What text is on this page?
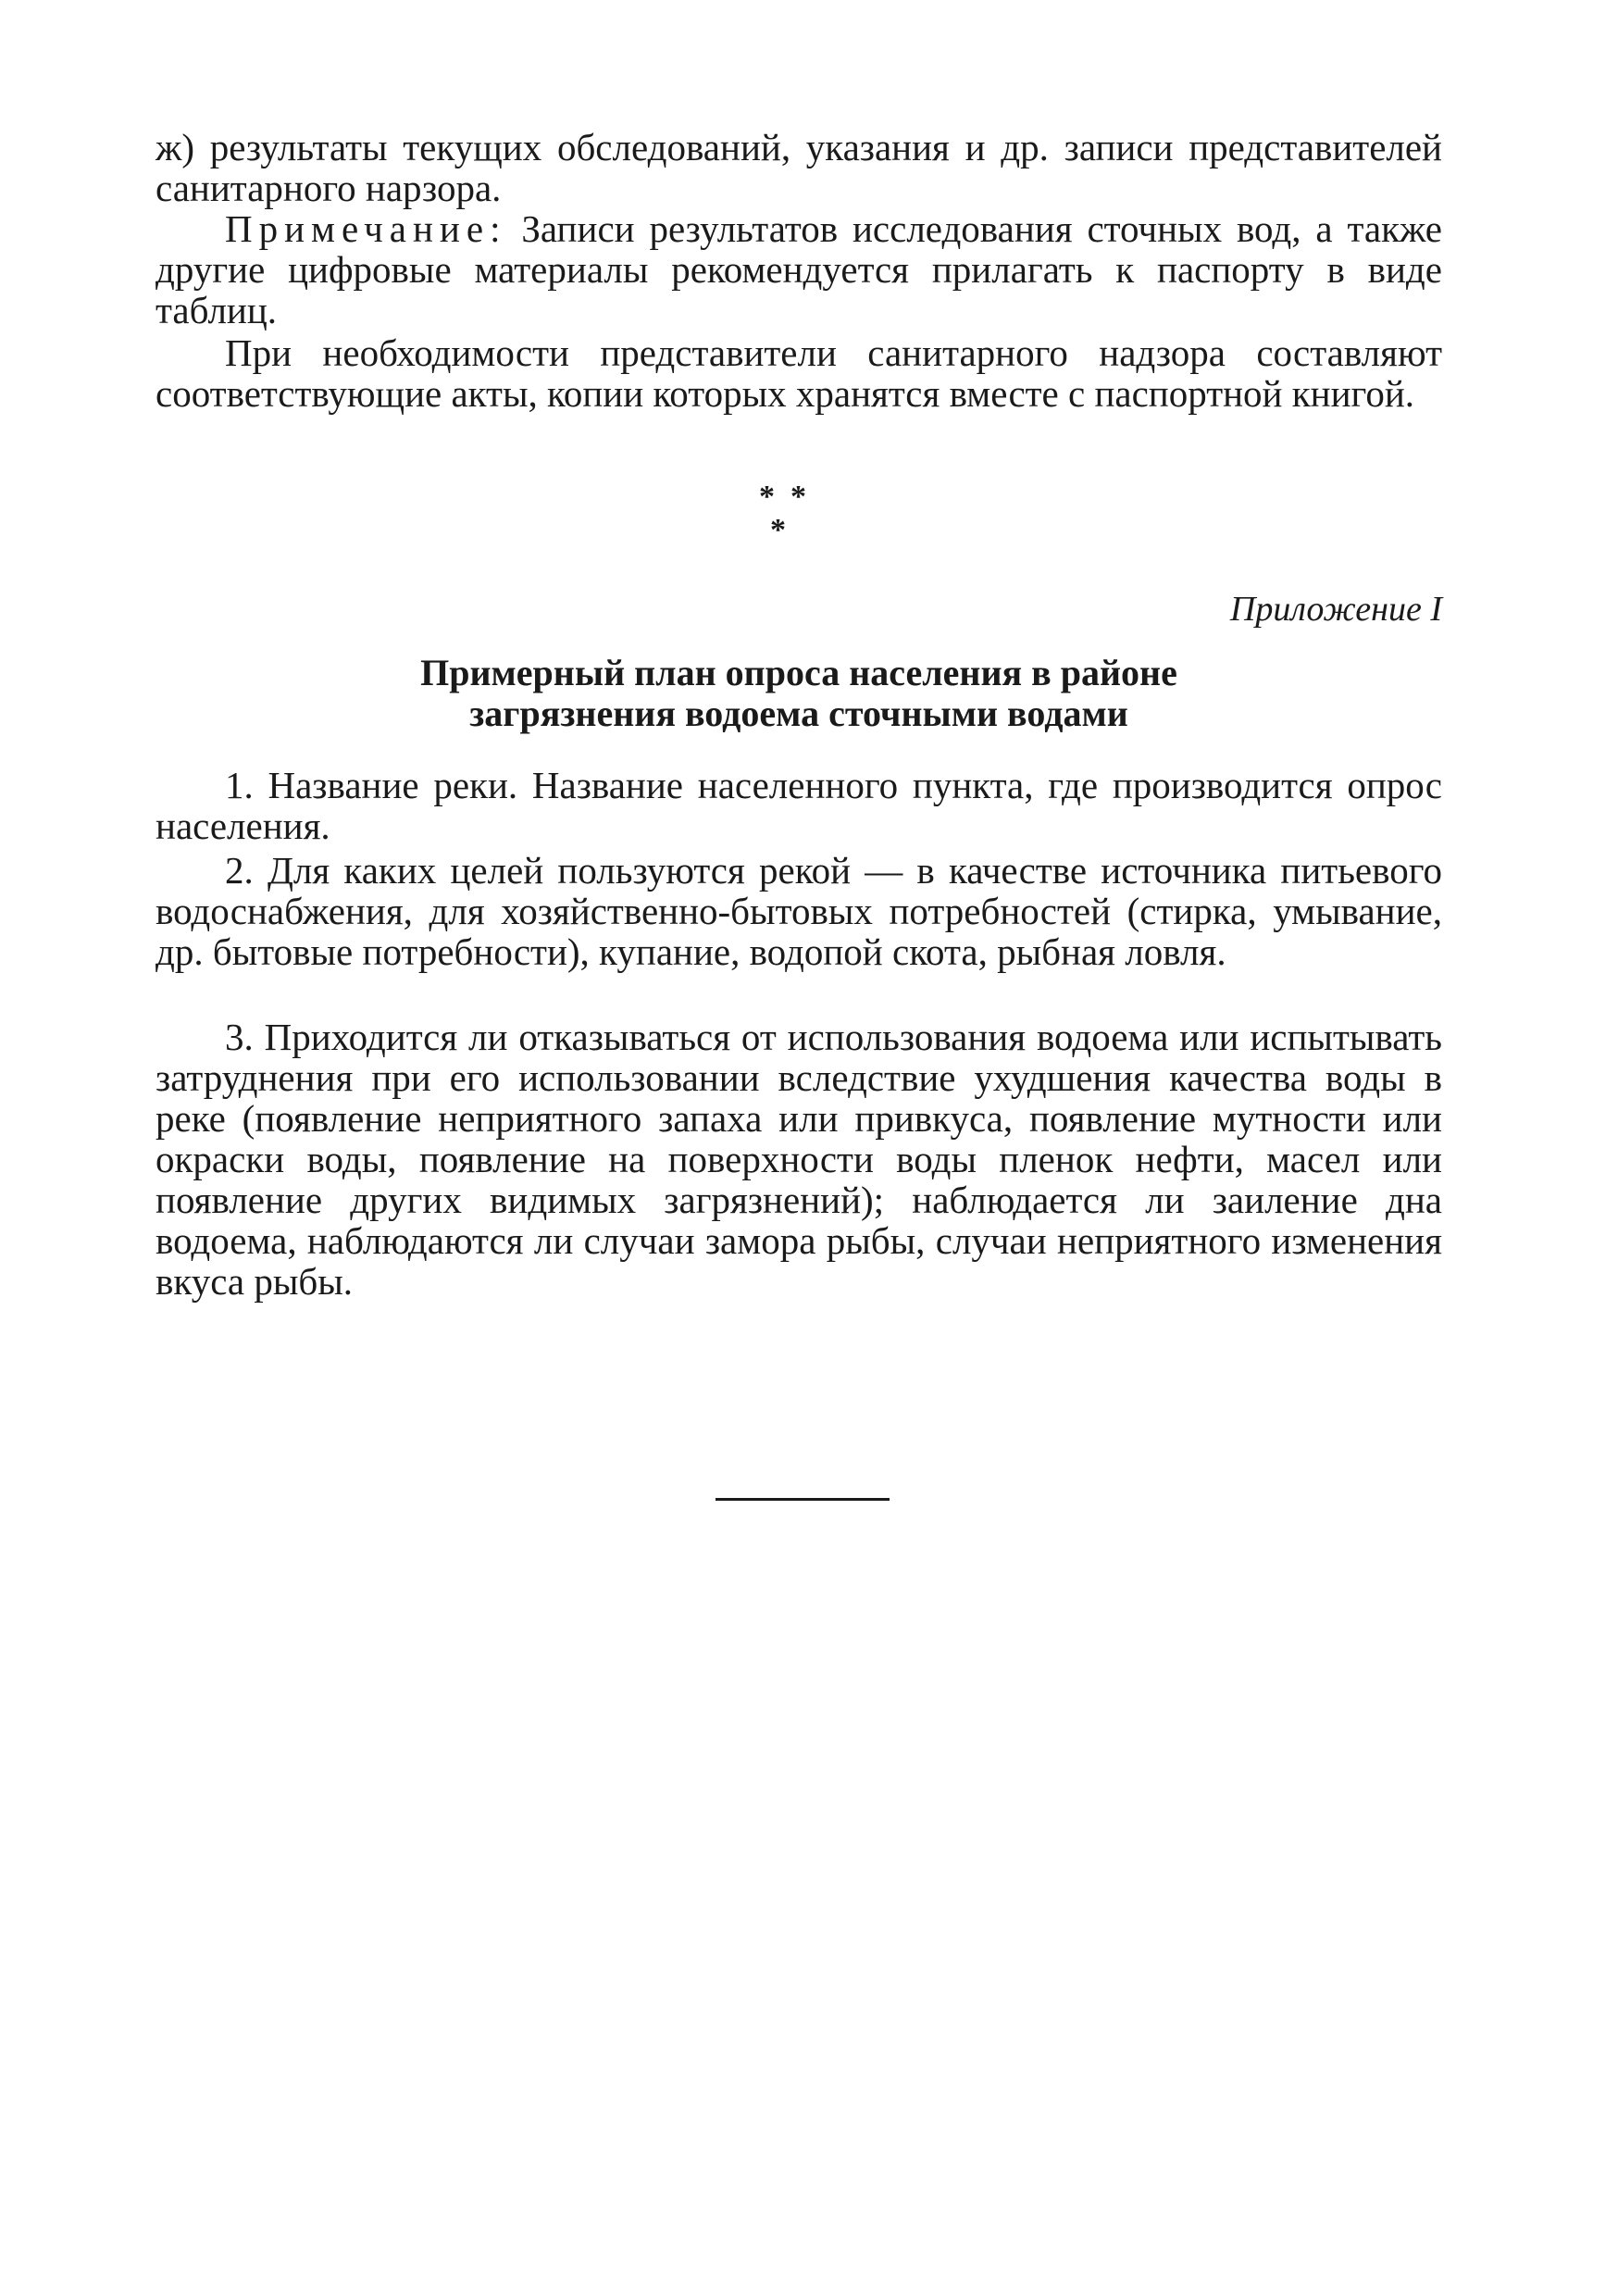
ж) результаты текущих обследований, указания и др. записи представителей санитарного нарзора.

Примечание: Записи результатов исследования сточных вод, а также другие цифровые материалы рекомендуется прилагать к паспорту в виде таблиц.

При необходимости представители санитарного надзора составляют соответствующие акты, копии которых хранятся вместе с паспортной книгой.

* *
*
Приложение I
Примерный план опроса населения в районе
загрязнения водоема сточными водами

1. Название реки. Название населенного пункта, где производится опрос населения.

2. Для каких целей пользуются рекой — в качестве источника питьевого водоснабжения, для хозяйственно-бытовых потребностей (стирка, умывание, др. бытовые потребности), купание, водопой скота, рыбная ловля.

3. Приходится ли отказываться от использования водоема или испытывать затруднения при его использовании вследствие ухудшения качества воды в реке (появление неприятного запаха или привкуса, появление мутности или окраски воды, появление на поверхности воды пленок нефти, масел или появление других видимых загрязнений); наблюдается ли заиление дна водоема, наблюдаются ли случаи замора рыбы, случаи неприятного изменения вкуса рыбы.
